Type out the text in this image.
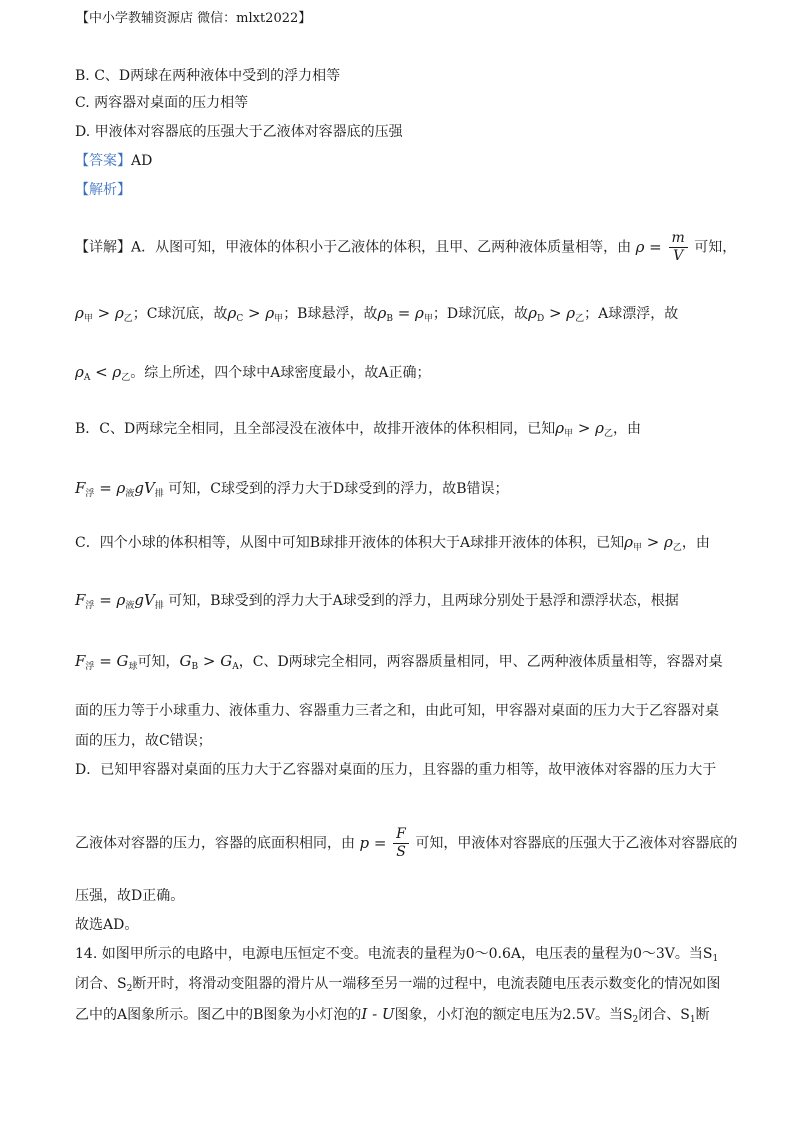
【中小学教辅资源店 微信：mlxt2022】
B. C、D两球在两种液体中受到的浮力相等
C. 两容器对桌面的压力相等
D. 甲液体对容器底的压强大于乙液体对容器底的压强
【答案】AD
【解析】
【详解】A．从图可知，甲液体的体积小于乙液体的体积，且甲、乙两种液体质量相等，由 $\rho = \frac{m}{V}$ 可知，
$\rho_甲 > \rho_乙$；C球沉底，故$\rho_C > \rho_甲$；B球悬浮，故$\rho_B = \rho_甲$；D球沉底，故$\rho_D > \rho_乙$；A球漂浮，故
$\rho_A < \rho_乙$。综上所述，四个球中A球密度最小，故A正确；
B．C、D两球完全相同，且全部浸没在液体中，故排开液体的体积相同，已知$\rho_甲 > \rho_乙$，由
$F_浮 = \rho_液gV_排$ 可知，C球受到的浮力大于D球受到的浮力，故B错误；
C．四个小球的体积相等，从图中可知B球排开液体的体积大于A球排开液体的体积，已知$\rho_甲 > \rho_乙$，由
$F_浮 = \rho_液gV_排$ 可知，B球受到的浮力大于A球受到的浮力，且两球分别处于悬浮和漂浮状态，根据
$F_浮 = G_球$可知，$G_B > G_A$，C、D两球完全相同，两容器质量相同，甲、乙两种液体质量相等，容器对桌
面的压力等于小球重力、液体重力、容器重力三者之和，由此可知，甲容器对桌面的压力大于乙容器对桌
面的压力，故C错误；
D．已知甲容器对桌面的压力大于乙容器对桌面的压力，且容器的重力相等，故甲液体对容器的压力大于
乙液体对容器的压力，容器的底面积相同，由 $p = \frac{F}{S}$ 可知，甲液体对容器底的压强大于乙液体对容器底的
压强，故D正确。
故选AD。
14. 如图甲所示的电路中，电源电压恒定不变。电流表的量程为0～0.6A，电压表的量程为0～3V。当$S_1$
闭合、$S_2$断开时，将滑动变阻器的滑片从一端移至另一端的过程中，电流表随电压表示数变化的情况如图
乙中的A图象所示。图乙中的B图象为小灯泡的I - U图象，小灯泡的额定电压为2.5V。当$S_2$闭合、$S_1$断
